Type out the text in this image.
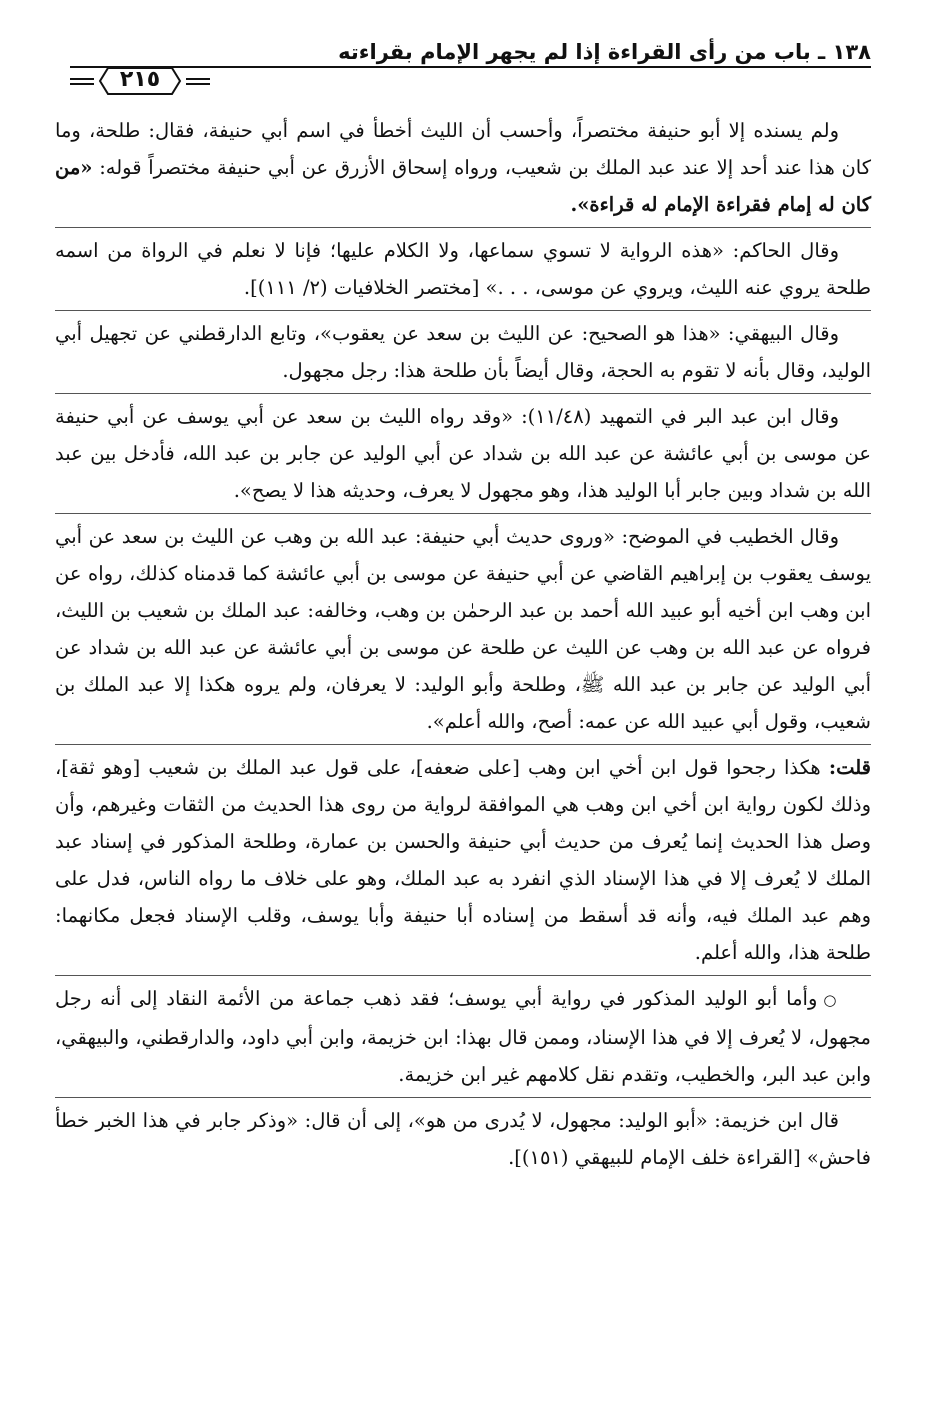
١٣٨ ـ باب من رأى القراءة إذا لم يجهر الإمام بقراءته
٢١٥

ولم يسنده إلا أبو حنيفة مختصراً، وأحسب أن الليث أخطأ في اسم أبي حنيفة، فقال: طلحة، وما كان هذا عند أحد إلا عند عبد الملك بن شعيب، ورواه إسحاق الأزرق عن أبي حنيفة مختصراً قوله: «من كان له إمام فقراءة الإمام له قراءة».

وقال الحاكم: «هذه الرواية لا تسوي سماعها، ولا الكلام عليها؛ فإنا لا نعلم في الرواة من اسمه طلحة يروي عنه الليث، ويروي عن موسى، . . .» [مختصر الخلافيات (٢/ ١١١)].

وقال البيهقي: «هذا هو الصحيح: عن الليث بن سعد عن يعقوب»، وتابع الدارقطني عن تجهيل أبي الوليد، وقال بأنه لا تقوم به الحجة، وقال أيضاً بأن طلحة هذا: رجل مجهول.

وقال ابن عبد البر في التمهيد (١١/٤٨): «وقد رواه الليث بن سعد عن أبي يوسف عن أبي حنيفة عن موسى بن أبي عائشة عن عبد الله بن شداد عن أبي الوليد عن جابر بن عبد الله، فأدخل بين عبد الله بن شداد وبين جابر أبا الوليد هذا، وهو مجهول لا يعرف، وحديثه هذا لا يصح».

وقال الخطيب في الموضح: «وروى حديث أبي حنيفة: عبد الله بن وهب عن الليث بن سعد عن أبي يوسف يعقوب بن إبراهيم القاضي عن أبي حنيفة عن موسى بن أبي عائشة كما قدمناه كذلك، رواه عن ابن وهب ابن أخيه أبو عبيد الله أحمد بن عبد الرحمٰن بن وهب، وخالفه: عبد الملك بن شعيب بن الليث، فرواه عن عبد الله بن وهب عن الليث عن طلحة عن موسى بن أبي عائشة عن عبد الله بن شداد عن أبي الوليد عن جابر بن عبد الله ﷺ، وطلحة وأبو الوليد: لا يعرفان، ولم يروه هكذا إلا عبد الملك بن شعيب، وقول أبي عبيد الله عن عمه: أصح، والله أعلم».

قلت: هكذا رجحوا قول ابن أخي ابن وهب [على ضعفه]، على قول عبد الملك بن شعيب [وهو ثقة]، وذلك لكون رواية ابن أخي ابن وهب هي الموافقة لرواية من روى هذا الحديث من الثقات وغيرهم، وأن وصل هذا الحديث إنما يُعرف من حديث أبي حنيفة والحسن بن عمارة، وطلحة المذكور في إسناد عبد الملك لا يُعرف إلا في هذا الإسناد الذي انفرد به عبد الملك، وهو على خلاف ما رواه الناس، فدل على وهم عبد الملك فيه، وأنه قد أسقط من إسناده أبا حنيفة وأبا يوسف، وقلب الإسناد فجعل مكانهما: طلحة هذا، والله أعلم.

○وأما أبو الوليد المذكور في رواية أبي يوسف؛ فقد ذهب جماعة من الأئمة النقاد إلى أنه رجل مجهول، لا يُعرف إلا في هذا الإسناد، وممن قال بهذا: ابن خزيمة، وابن أبي داود، والدارقطني، والبيهقي، وابن عبد البر، والخطيب، وتقدم نقل كلامهم غير ابن خزيمة.

قال ابن خزيمة: «أبو الوليد: مجهول، لا يُدرى من هو»، إلى أن قال: «وذكر جابر في هذا الخبر خطأ فاحش» [القراءة خلف الإمام للبيهقي (١٥١)].
